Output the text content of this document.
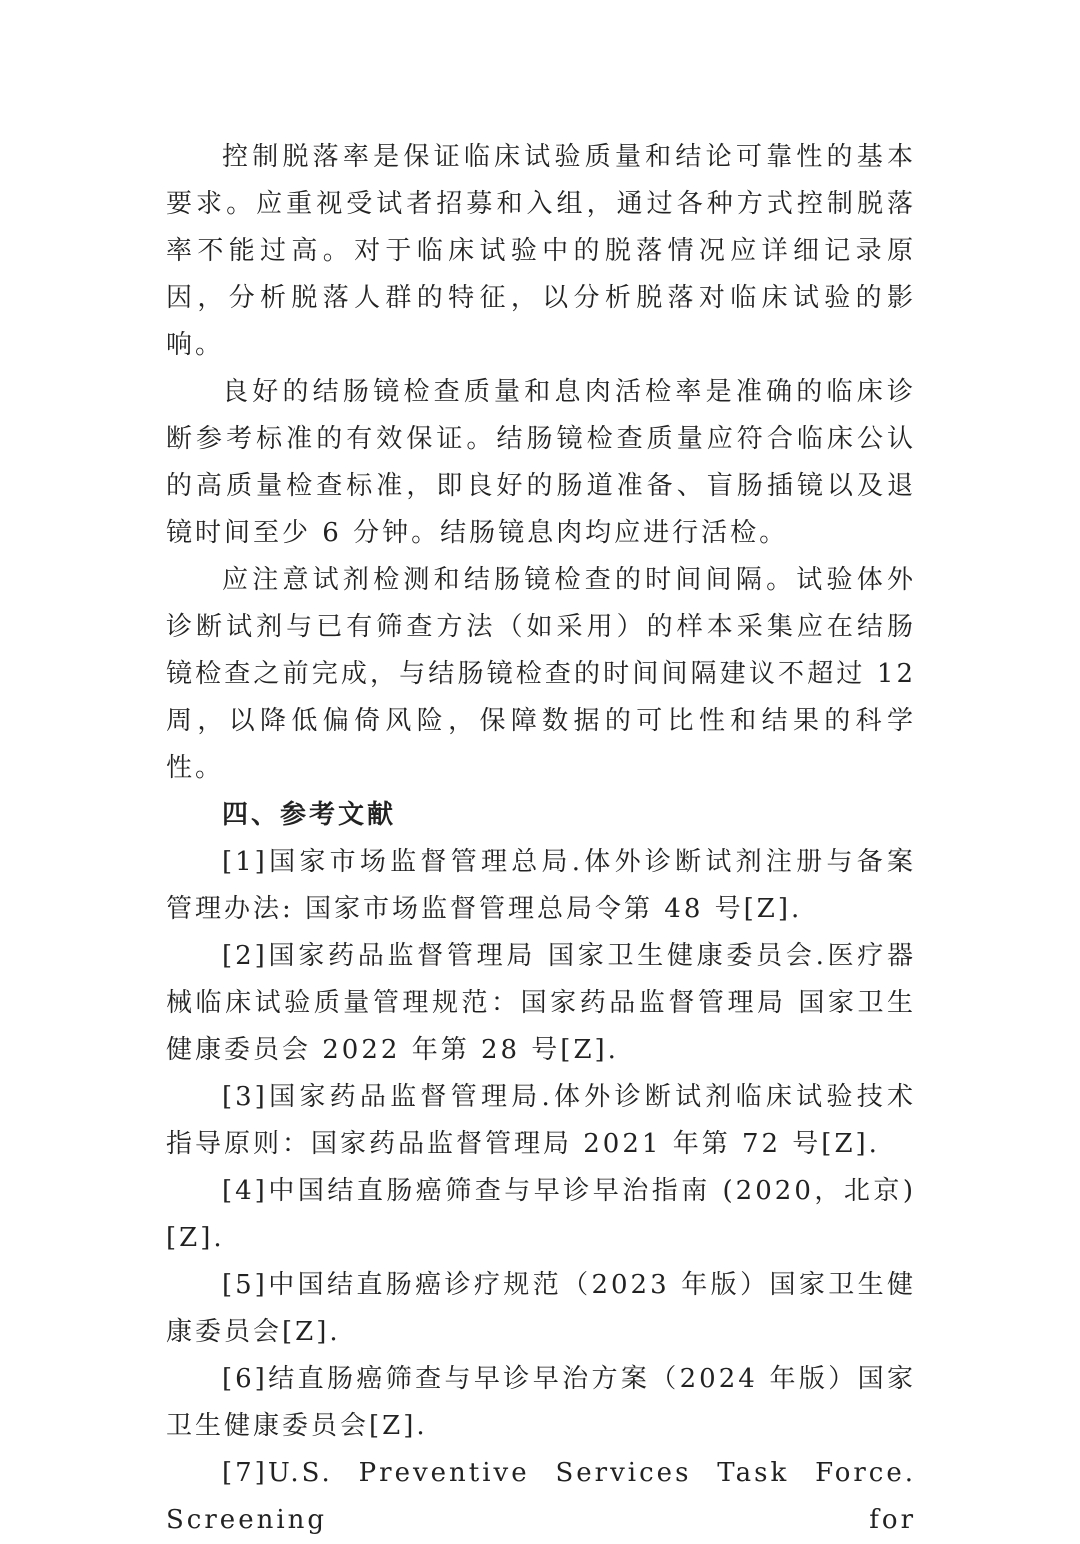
控制脱落率是保证临床试验质量和结论可靠性的基本要求。应重视受试者招募和入组，通过各种方式控制脱落率不能过高。对于临床试验中的脱落情况应详细记录原因，分析脱落人群的特征，以分析脱落对临床试验的影响。

良好的结肠镜检查质量和息肉活检率是准确的临床诊断参考标准的有效保证。结肠镜检查质量应符合临床公认的高质量检查标准，即良好的肠道准备、盲肠插镜以及退镜时间至少 6 分钟。结肠镜息肉均应进行活检。

应注意试剂检测和结肠镜检查的时间间隔。试验体外诊断试剂与已有筛查方法（如采用）的样本采集应在结肠镜检查之前完成，与结肠镜检查的时间间隔建议不超过 12 周，以降低偏倚风险，保障数据的可比性和结果的科学性。

四、参考文献

[1]国家市场监督管理总局.体外诊断试剂注册与备案管理办法: 国家市场监督管理总局令第 48 号[Z].

[2]国家药品监督管理局 国家卫生健康委员会.医疗器械临床试验质量管理规范：国家药品监督管理局 国家卫生健康委员会 2022 年第 28 号[Z].

[3]国家药品监督管理局.体外诊断试剂临床试验技术指导原则：国家药品监督管理局 2021 年第 72 号[Z].

[4]中国结直肠癌筛查与早诊早治指南 (2020，北京)[Z].

[5]中国结直肠癌诊疗规范（2023 年版）国家卫生健康委员会[Z].

[6]结直肠癌筛查与早诊早治方案（2024 年版）国家卫生健康委员会[Z].

[7]U.S. Preventive Services Task Force. Screening for
